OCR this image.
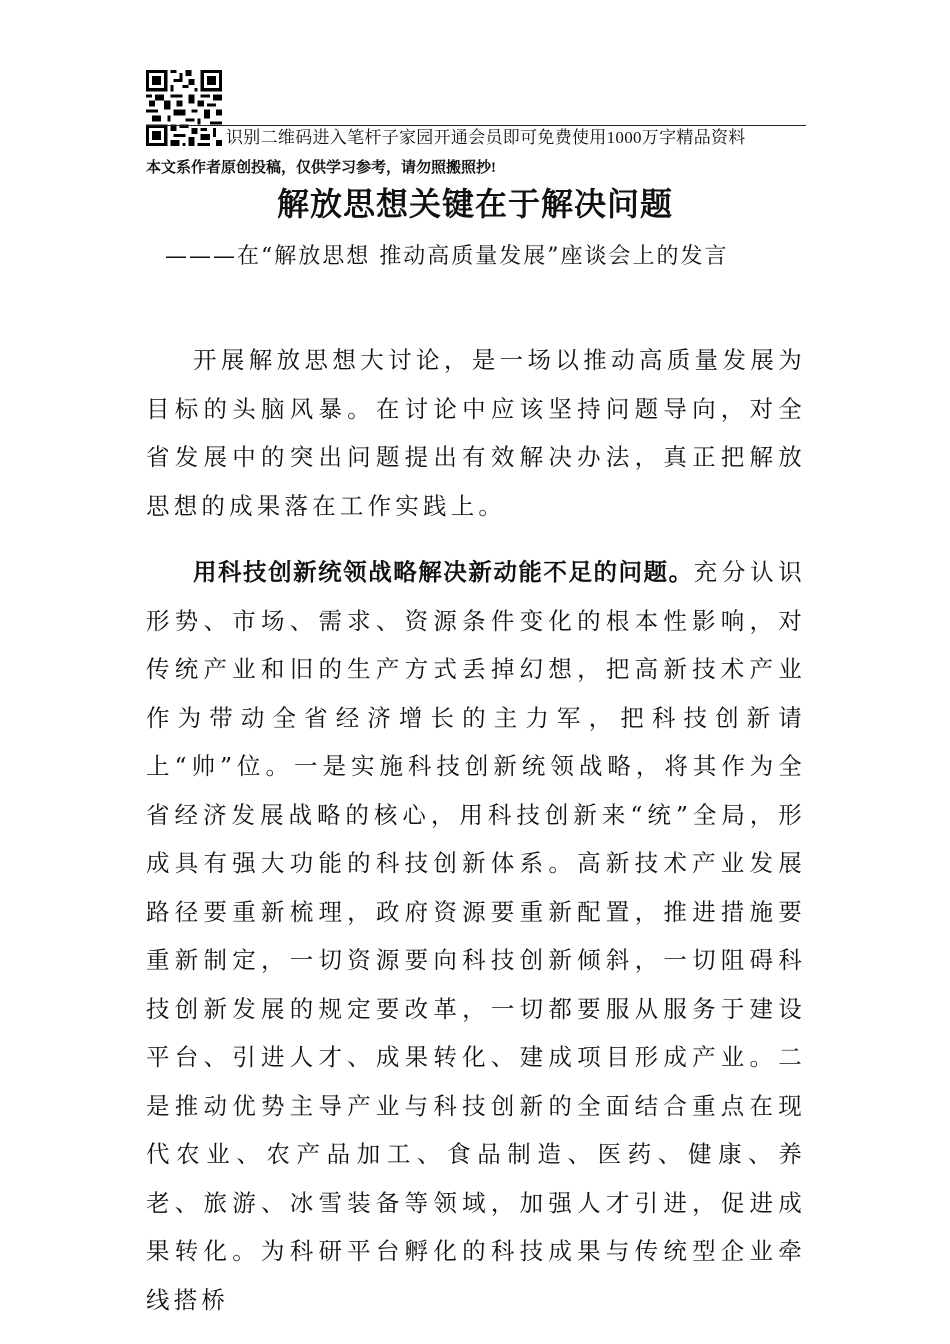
识别二维码进入笔杆子家园开通会员即可免费使用1000万字精品资料
本文系作者原创投稿，仅供学习参考，请勿照搬照抄!
解放思想关键在于解决问题
———在“解放思想 推动高质量发展”座谈会上的发言

开展解放思想大讨论，是一场以推动高质量发展为目标的头脑风暴。在讨论中应该坚持问题导向，对全省发展中的突出问题提出有效解决办法，真正把解放思想的成果落在工作实践上。

用科技创新统领战略解决新动能不足的问题。充分认识形势、市场、需求、资源条件变化的根本性影响，对传统产业和旧的生产方式丢掉幻想，把高新技术产业作为带动全省经济增长的主力军，把科技创新请上“帅”位。一是实施科技创新统领战略，将其作为全省经济发展战略的核心，用科技创新来“统”全局，形成具有强大功能的科技创新体系。高新技术产业发展路径要重新梳理，政府资源要重新配置，推进措施要重新制定，一切资源要向科技创新倾斜，一切阻碍科技创新发展的规定要改革，一切都要服从服务于建设平台、引进人才、成果转化、建成项目形成产业。二是推动优势主导产业与科技创新的全面结合重点在现代农业、农产品加工、食品制造、医药、健康、养老、旅游、冰雪装备等领域，加强人才引进，促进成果转化。为科研平台孵化的科技成果与传统型企业牵线搭桥
